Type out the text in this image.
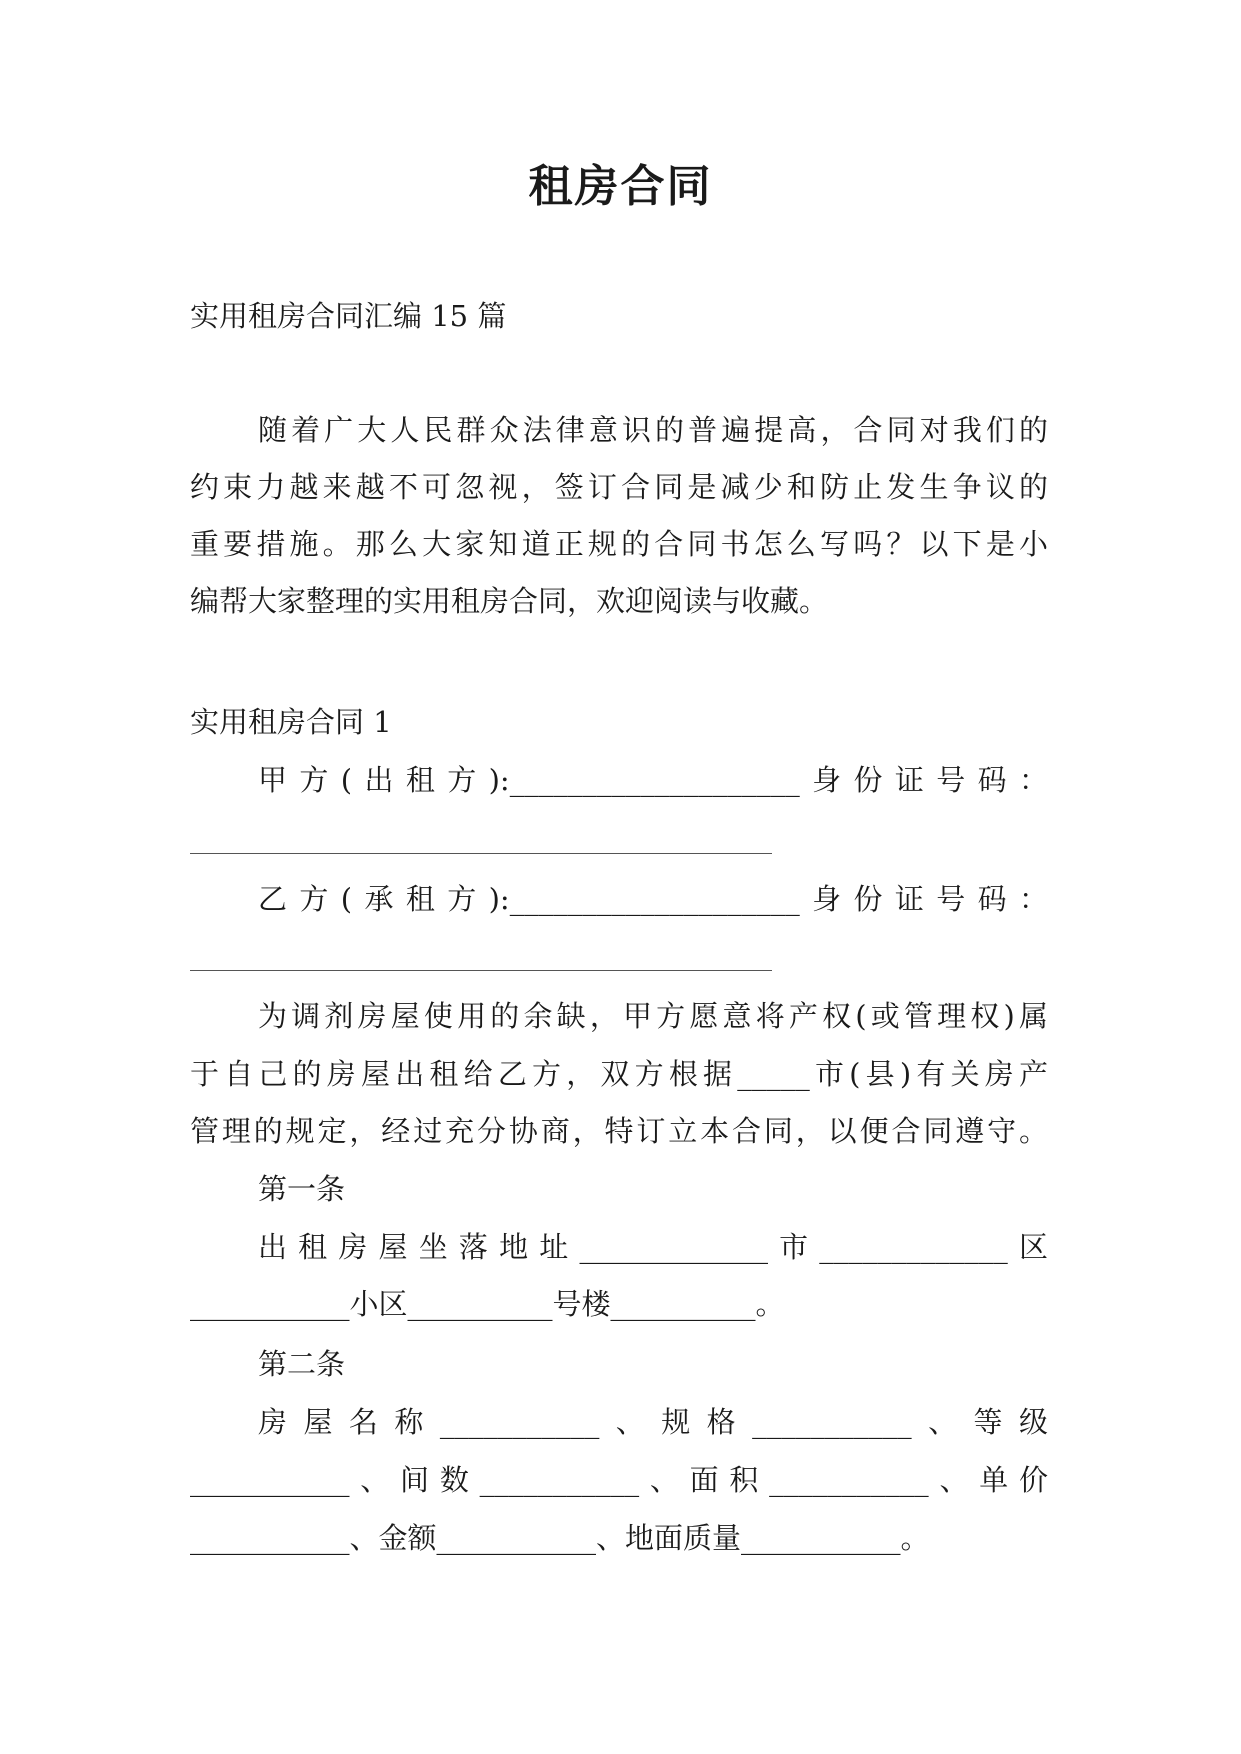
租房合同
实用租房合同汇编 15 篇
随着广大人民群众法律意识的普遍提高，合同对我们的
约束力越来越不可忽视，签订合同是减少和防止发生争议的
重要措施。那么大家知道正规的合同书怎么写吗？以下是小
编帮大家整理的实用租房合同，欢迎阅读与收藏。
实用租房合同 1
甲方(出租方):____________________身份证号码：
乙方(承租方):____________________身份证号码：
为调剂房屋使用的余缺，甲方愿意将产权(或管理权)属
于自己的房屋出租给乙方，双方根据_____市(县)有关房产
管理的规定，经过充分协商，特订立本合同，以便合同遵守。
第一条
出租房屋坐落地址_____________市_____________区
___________小区__________号楼__________。
第二条
房屋名称___________、规格___________、等级
___________、间数___________、面积___________、单价
___________、金额___________、地面质量___________。
